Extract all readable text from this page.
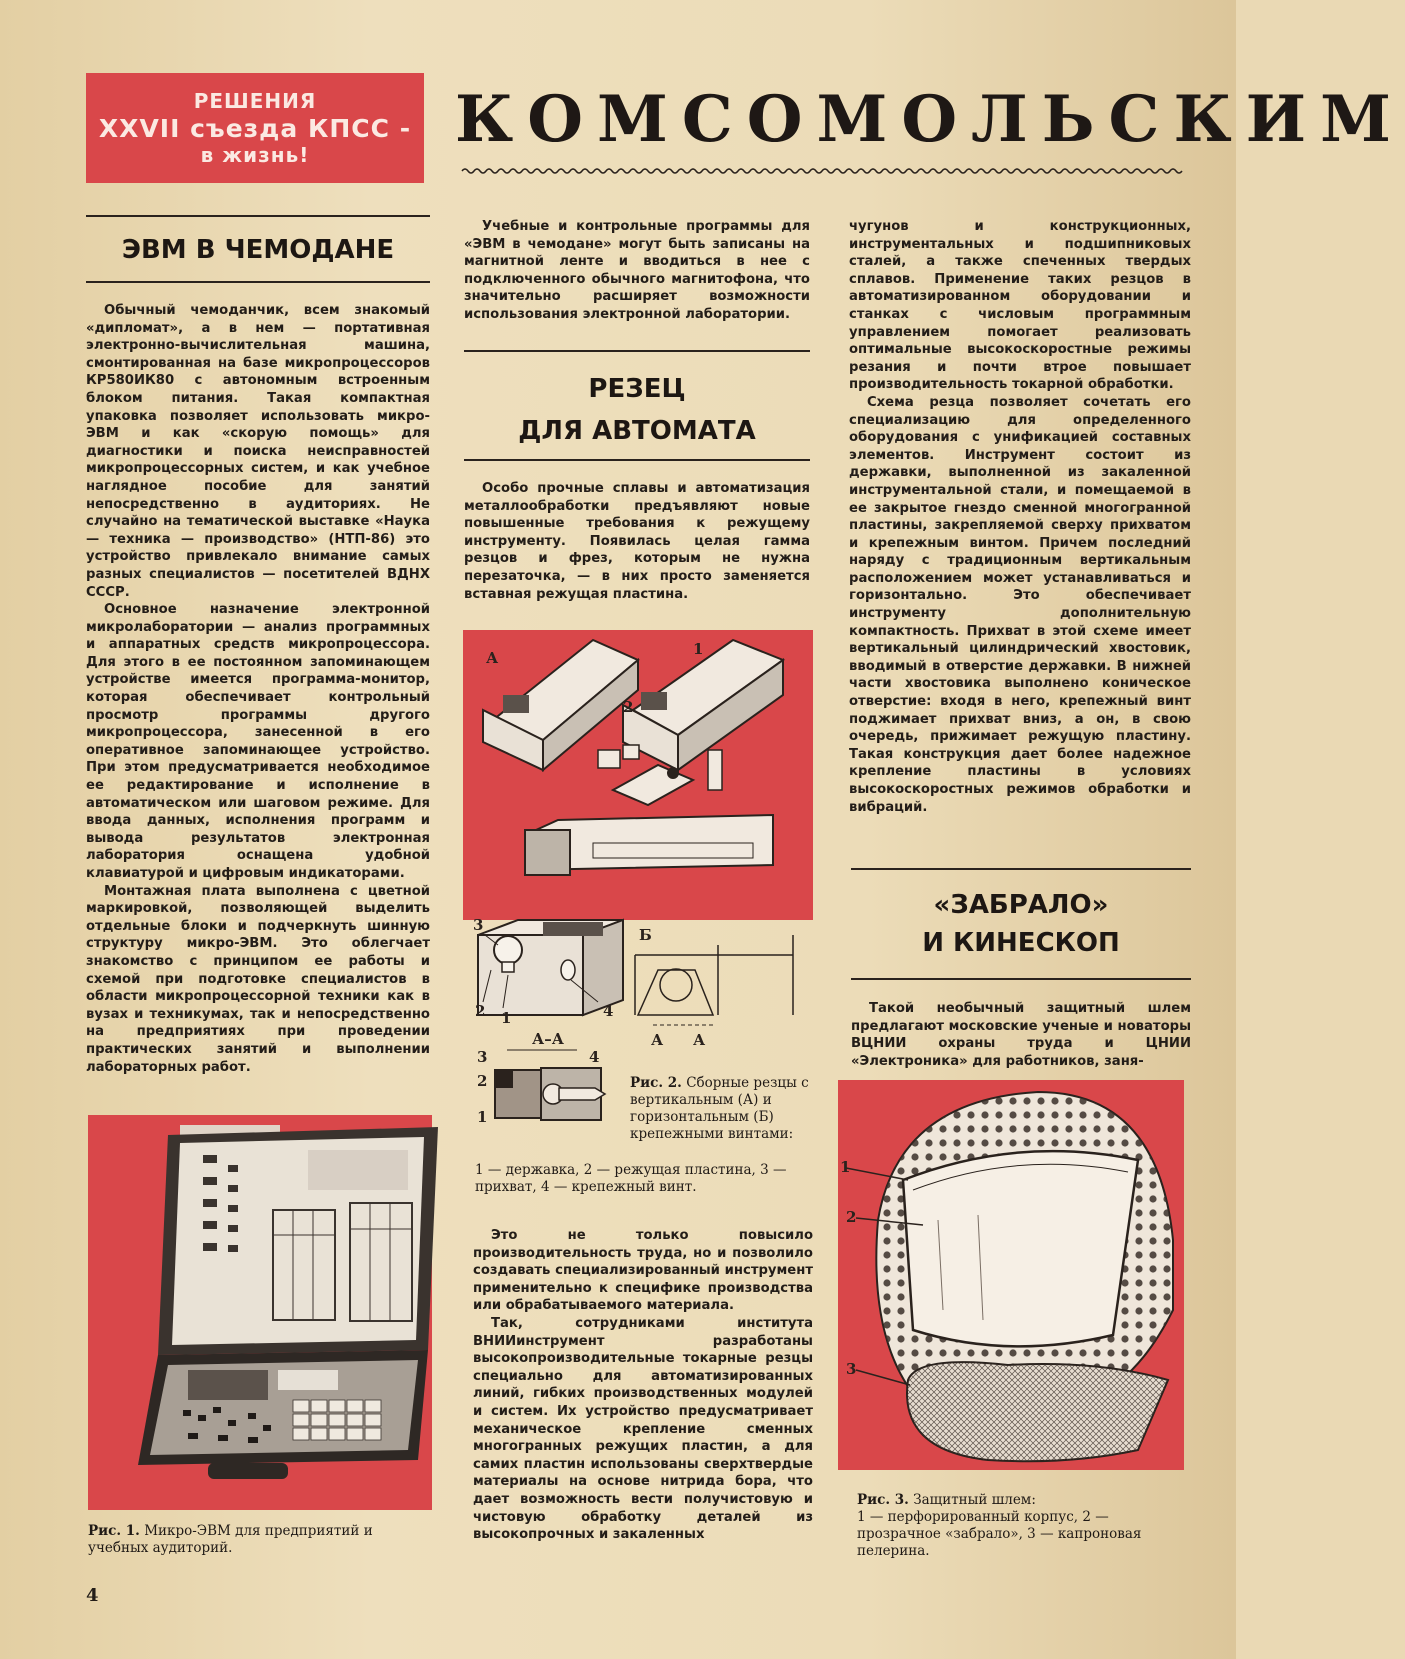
РЕШЕНИЯ
XXVII съезда КПСС -
в жизнь!	КОМСОМОЛЬСКИМ
ЭВМ В ЧЕМОДАНЕ

Обычный чемоданчик, всем знакомый «дипломат», а в нем — портативная электронно-вычислительная машина, смонтированная на базе микропроцессоров КР580ИК80 с автономным встроенным блоком питания. Такая компактная упаковка позволяет использовать микро-ЭВМ и как «скорую помощь» для диагностики и поиска неисправностей микропроцессорных систем, и как учебное наглядное пособие для занятий непосредственно в аудиториях. Не случайно на тематической выставке «Наука — техника — производство» (НТП-86) это устройство привлекало внимание самых разных специалистов — посетителей ВДНХ СССР.

Основное назначение электронной микролаборатории — анализ программных и аппаратных средств микропроцессора. Для этого в ее постоянном запоминающем устройстве имеется программа-монитор, которая обеспечивает контрольный просмотр программы другого микропроцессора, занесенной в его оперативное запоминающее устройство. При этом предусматривается необходимое ее редактирование и исполнение в автоматическом или шаговом режиме. Для ввода данных, исполнения программ и вывода результатов электронная лаборатория оснащена удобной клавиатурой и цифровым индикаторами.

Монтажная плата выполнена с цветной маркировкой, позволяющей выделить отдельные блоки и подчеркнуть шинную структуру микро-ЭВМ. Это облегчает знакомство с принципом ее работы и схемой при подготовке специалистов в области микропроцессорной техники как в вузах и техникумах, так и непосредственно на предприятиях при проведении практических занятий и выполнении лабораторных работ.

Рис. 1. Микро-ЭВМ для предприятий и учебных аудиторий.

Учебные и контрольные программы для «ЭВМ в чемодане» могут быть записаны на магнитной ленте и вводиться в нее с подключенного обычного магнитофона, что значительно расширяет возможности использования электронной лаборатории.

РЕЗЕЦ
ДЛЯ АВТОМАТА

Особо прочные сплавы и автоматизация металлообработки предъявляют новые повышенные требования к режущему инструменту. Появилась целая гамма резцов и фрез, которым не нужна перезаточка, — в них просто заменяется вставная режущая пластина.

А	1
2
3
2 1	4
Б
А А
А–А
3
2
1
4
Рис. 2. Сборные резцы с вертикальным (А) и горизонтальным (Б) крепежными винтами:
1 — державка, 2 — режущая пластина, 3 — прихват, 4 — крепежный винт.

Это не только повысило производительность труда, но и позволило создавать специализированный инструмент применительно к специфике производства или обрабатываемого материала.

Так, сотрудниками института ВНИИинструмент разработаны высокопроизводительные токарные резцы специально для автоматизированных линий, гибких производственных модулей и систем. Их устройство предусматривает механическое крепление сменных многогранных режущих пластин, а для самих пластин использованы сверхтвердые материалы на основе нитрида бора, что дает возможность вести получистовую и чистовую обработку деталей из высокопрочных и закаленных

чугунов и конструкционных, инструментальных и подшипниковых сталей, а также спеченных твердых сплавов. Применение таких резцов в автоматизированном оборудовании и станках с числовым программным управлением помогает реализовать оптимальные высокоскоростные режимы резания и почти втрое повышает производительность токарной обработки.

Схема резца позволяет сочетать его специализацию для определенного оборудования с унификацией составных элементов. Инструмент состоит из державки, выполненной из закаленной инструментальной стали, и помещаемой в ее закрытое гнездо сменной многогранной пластины, закрепляемой сверху прихватом и крепежным винтом. Причем последний наряду с традиционным вертикальным расположением может устанавливаться и горизонтально. Это обеспечивает инструменту дополнительную компактность. Прихват в этой схеме имеет вертикальный цилиндрический хвостовик, вводимый в отверстие державки. В нижней части хвостовика выполнено коническое отверстие: входя в него, крепежный винт поджимает прихват вниз, а он, в свою очередь, прижимает режущую пластину. Такая конструкция дает более надежное крепление пластины в условиях высокоскоростных режимов обработки и вибраций.

«ЗАБРАЛО»
И КИНЕСКОП

Такой необычный защитный шлем предлагают московские ученые и новаторы ВЦНИИ охраны труда и ЦНИИ «Электроника» для работников, заня-

1
2
3
Рис. 3. Защитный шлем:
1 — перфорированный корпус, 2 — прозрачное «забрало», 3 — капроновая пелерина.
4
